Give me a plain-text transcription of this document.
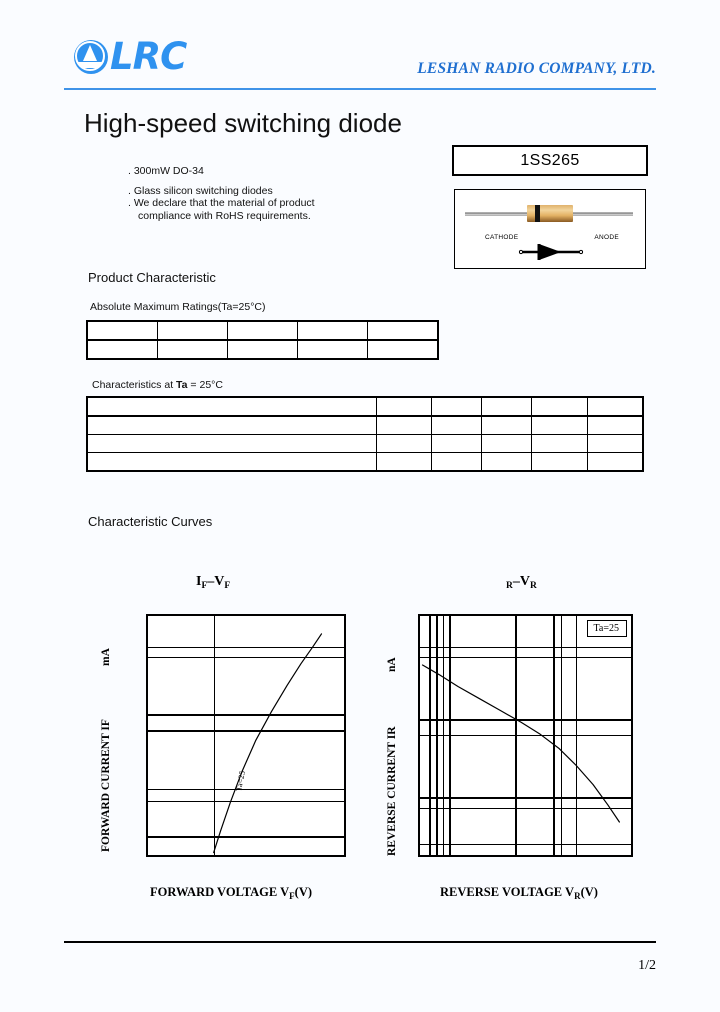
LRC	LESHAN RADIO COMPANY, LTD.
High-speed switching diode
. 300mW DO-34
. Glass silicon switching diodes
. We declare that the material of product
compliance with RoHS requirements.
1SS265
CATHODE	ANODE
Product Characteristic
Absolute Maximum Ratings(Ta=25°C)

Characteristics at Ta = 25°C

Characteristic Curves
$I_F-V_F$	$_R-V_R$
FORWARD CURRENT IF
mA
REVERSE CURRENT IR
nA
Ta=25
Ta=25
FORWARD VOLTAGE $V_F(V)$	REVERSE VOLTAGE $V_R(V)$
1/2
